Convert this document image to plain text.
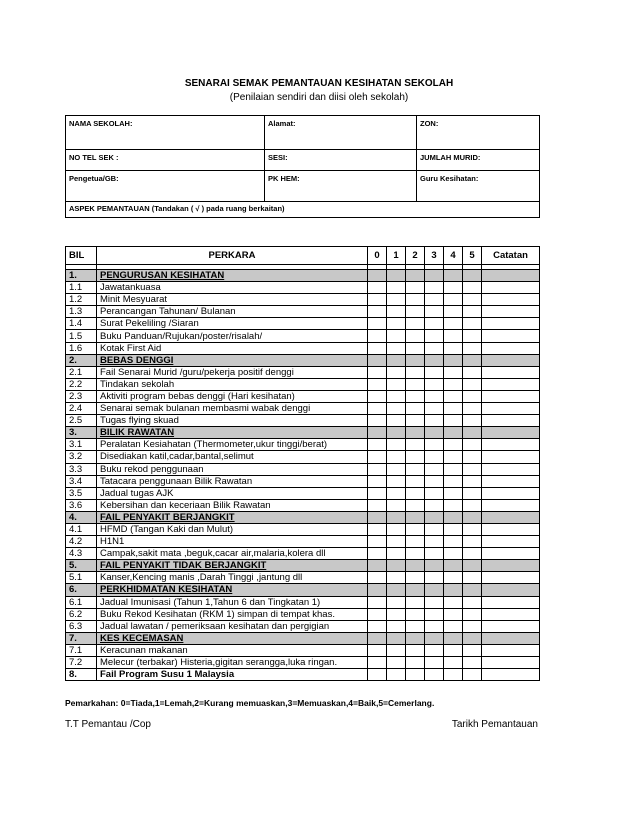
SENARAI SEMAK PEMANTAUAN KESIHATAN SEKOLAH
(Penilaian sendiri dan diisi oleh sekolah)
NAMA SEKOLAH:	Alamat:	ZON:
NO TEL SEK :	SESI:	JUMLAH MURID:
Pengetua/GB:	PK HEM:	Guru Kesihatan:
ASPEK PEMANTAUAN (Tandakan ( √ ) pada ruang berkaitan)		
BIL	PERKARA	0	1	2	3	4	5	Catatan

1.	PENGURUSAN KESIHATAN							
1.1	Jawatankuasa							
1.2	Minit Mesyuarat							
1.3	Perancangan Tahunan/ Bulanan							
1.4	Surat Pekeliling /Siaran							
1.5	Buku Panduan/Rujukan/poster/risalah/							
1.6	Kotak First Aid							
2.	BEBAS DENGGI							
2.1	Fail Senarai Murid /guru/pekerja positif denggi							
2.2	Tindakan sekolah							
2.3	Aktiviti program bebas denggi (Hari kesihatan)							
2.4	Senarai semak bulanan membasmi wabak denggi							
2.5	Tugas flying skuad							
3.	BILIK RAWATAN							
3.1	Peralatan Kesiahatan (Thermometer,ukur tinggi/berat)							
3.2	Disediakan katil,cadar,bantal,selimut							
3.3	Buku rekod penggunaan							
3.4	Tatacara penggunaan Bilik Rawatan							
3.5	Jadual tugas AJK							
3.6	Kebersihan dan keceriaan Bilik Rawatan							
4.	FAIL PENYAKIT BERJANGKIT							
4.1	HFMD (Tangan Kaki dan Mulut)							
4.2	H1N1							
4.3	Campak,sakit mata ,beguk,cacar air,malaria,kolera dll							
5.	FAIL PENYAKIT TIDAK BERJANGKIT							
5.1	Kanser,Kencing manis ,Darah Tinggi ,jantung dll							
6.	PERKHIDMATAN KESIHATAN							
6.1	Jadual Imunisasi (Tahun 1,Tahun 6 dan Tingkatan 1)							
6.2	Buku Rekod Kesihatan (RKM 1) simpan di tempat khas.							
6.3	Jadual lawatan / pemeriksaan kesihatan dan pergigian							
7.	KES KECEMASAN							
7.1	Keracunan makanan							
7.2	Melecur (terbakar) Histeria,gigitan serangga,luka ringan.							
8.	Fail Program Susu 1 Malaysia							
Pemarkahan: 0=Tiada,1=Lemah,2=Kurang memuaskan,3=Memuaskan,4=Baik,5=Cemerlang.
T.T Pemantau /Cop	Tarikh Pemantauan
